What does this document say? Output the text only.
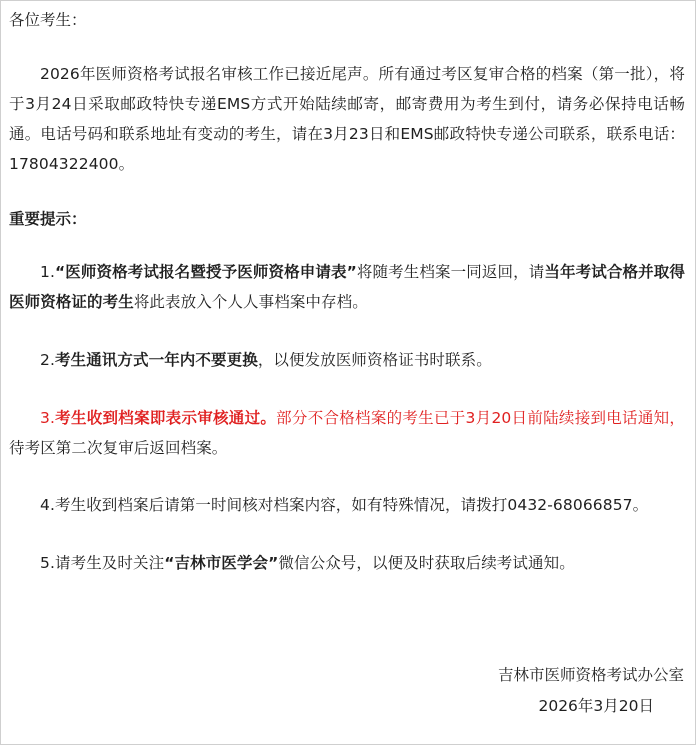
各位考生：

2026年医师资格考试报名审核工作已接近尾声。所有通过考区复审合格的档案（第一批），将于3月24日采取邮政特快专递EMS方式开始陆续邮寄，邮寄费用为考生到付，请务必保持电话畅通。电话号码和联系地址有变动的考生，请在3月23日和EMS邮政特快专递公司联系，联系电话：17804322400。

重要提示：

1.“医师资格考试报名暨授予医师资格申请表”将随考生档案一同返回，请当年考试合格并取得医师资格证的考生将此表放入个人人事档案中存档。

2.考生通讯方式一年内不要更换，以便发放医师资格证书时联系。

3.考生收到档案即表示审核通过。部分不合格档案的考生已于3月20日前陆续接到电话通知，待考区第二次复审后返回档案。

4.考生收到档案后请第一时间核对档案内容，如有特殊情况，请拨打0432-68066857。

5.请考生及时关注“吉林市医学会”微信公众号，以便及时获取后续考试通知。

吉林市医师资格考试办公室
2026年3月20日
